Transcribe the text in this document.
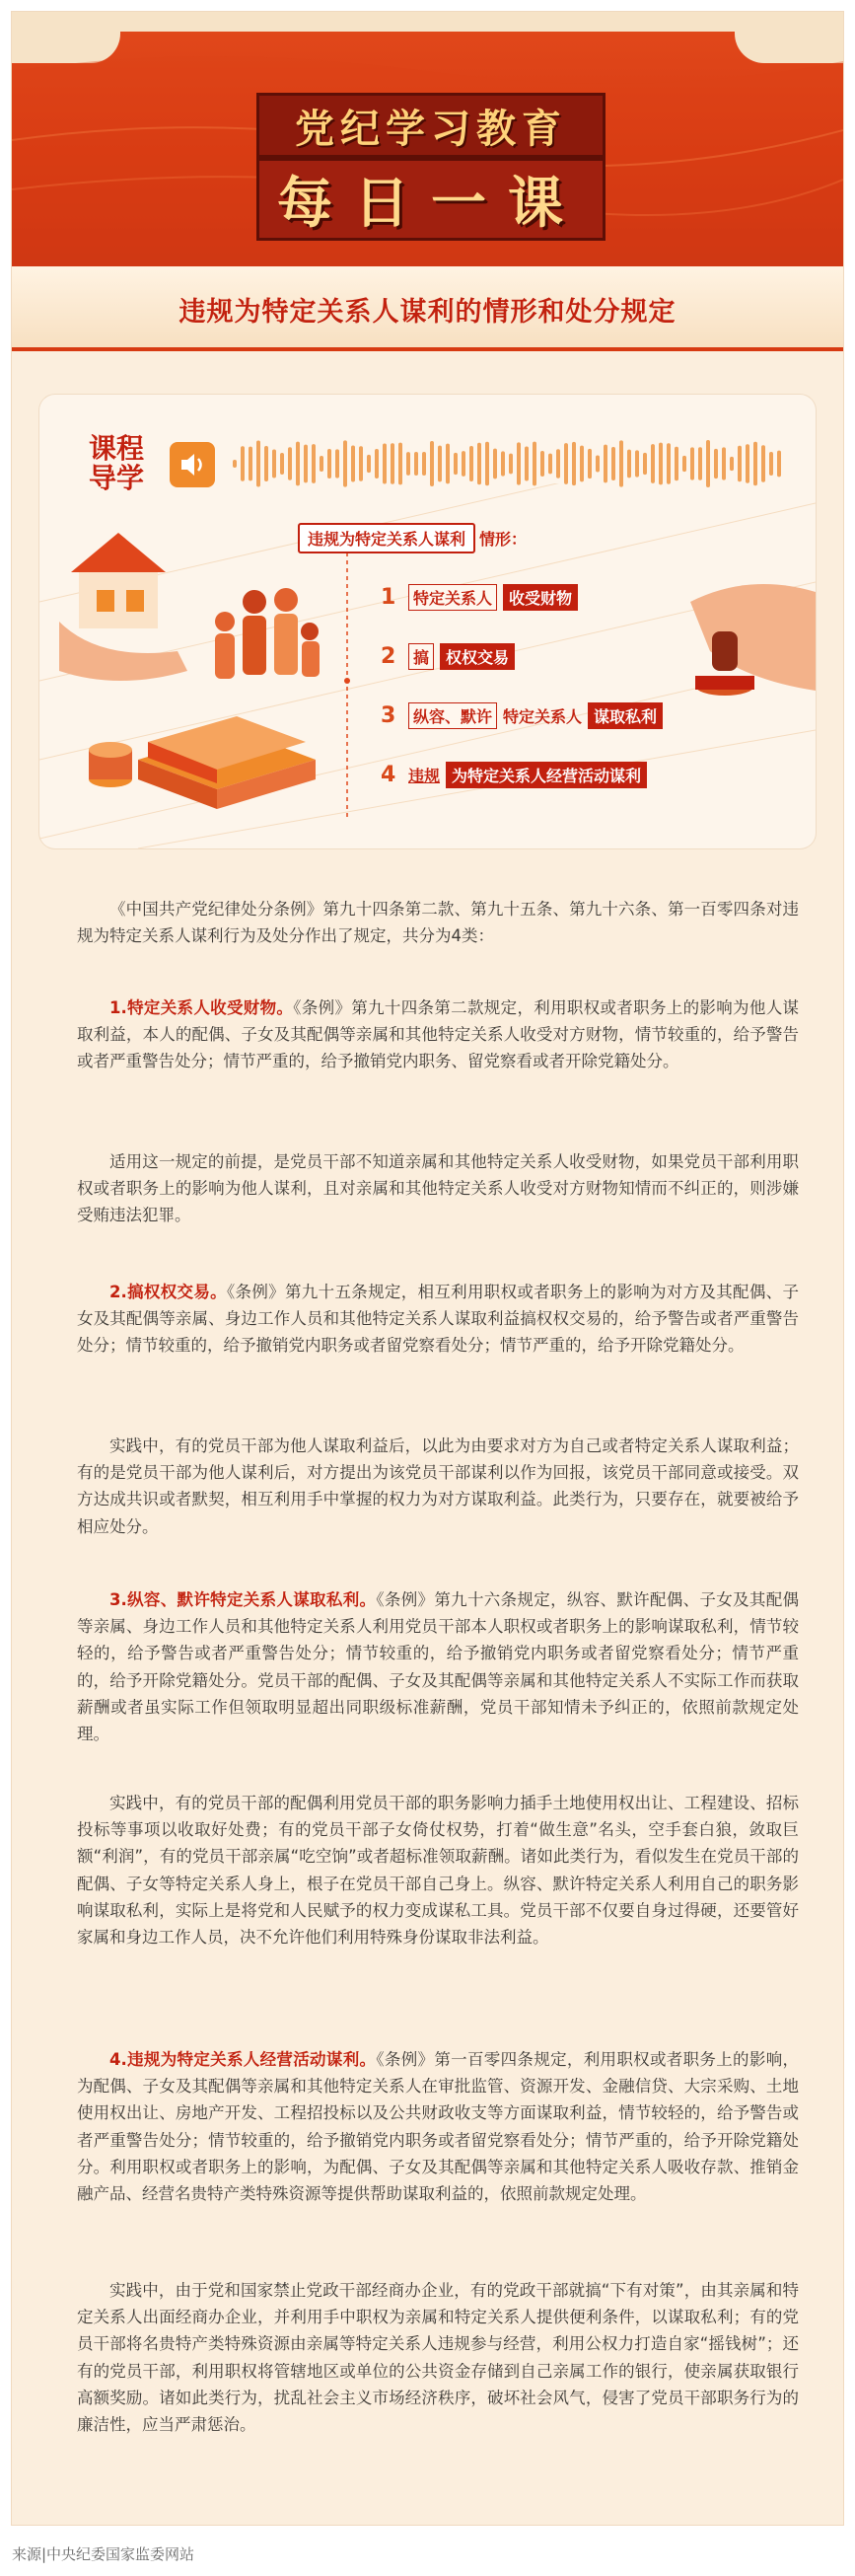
党纪学习教育
每日一课
违规为特定关系人谋利的情形和处分规定
课程导学
违规为特定关系人谋利 情形：
1	特定关系人	收受财物
2	搞	权权交易
3	纵容、默许 特定关系人 谋取私利
4 违规 为特定关系人经营活动谋利

《中国共产党纪律处分条例》第九十四条第二款、第九十五条、第九十六条、第一百零四条对违规为特定关系人谋利行为及处分作出了规定，共分为4类：

1.特定关系人收受财物。《条例》第九十四条第二款规定，利用职权或者职务上的影响为他人谋取利益，本人的配偶、子女及其配偶等亲属和其他特定关系人收受对方财物，情节较重的，给予警告或者严重警告处分；情节严重的，给予撤销党内职务、留党察看或者开除党籍处分。

适用这一规定的前提，是党员干部不知道亲属和其他特定关系人收受财物，如果党员干部利用职权或者职务上的影响为他人谋利，且对亲属和其他特定关系人收受对方财物知情而不纠正的，则涉嫌受贿违法犯罪。

2.搞权权交易。《条例》第九十五条规定，相互利用职权或者职务上的影响为对方及其配偶、子女及其配偶等亲属、身边工作人员和其他特定关系人谋取利益搞权权交易的，给予警告或者严重警告处分；情节较重的，给予撤销党内职务或者留党察看处分；情节严重的，给予开除党籍处分。

实践中，有的党员干部为他人谋取利益后，以此为由要求对方为自己或者特定关系人谋取利益；有的是党员干部为他人谋利后，对方提出为该党员干部谋利以作为回报，该党员干部同意或接受。双方达成共识或者默契，相互利用手中掌握的权力为对方谋取利益。此类行为，只要存在，就要被给予相应处分。

3.纵容、默许特定关系人谋取私利。《条例》第九十六条规定，纵容、默许配偶、子女及其配偶等亲属、身边工作人员和其他特定关系人利用党员干部本人职权或者职务上的影响谋取私利，情节较轻的，给予警告或者严重警告处分；情节较重的，给予撤销党内职务或者留党察看处分；情节严重的，给予开除党籍处分。党员干部的配偶、子女及其配偶等亲属和其他特定关系人不实际工作而获取薪酬或者虽实际工作但领取明显超出同职级标准薪酬，党员干部知情未予纠正的，依照前款规定处理。

实践中，有的党员干部的配偶利用党员干部的职务影响力插手土地使用权出让、工程建设、招标投标等事项以收取好处费；有的党员干部子女倚仗权势，打着“做生意”名头，空手套白狼，敛取巨额“利润”，有的党员干部亲属“吃空饷”或者超标准领取薪酬。诸如此类行为，看似发生在党员干部的配偶、子女等特定关系人身上，根子在党员干部自己身上。纵容、默许特定关系人利用自己的职务影响谋取私利，实际上是将党和人民赋予的权力变成谋私工具。党员干部不仅要自身过得硬，还要管好家属和身边工作人员，决不允许他们利用特殊身份谋取非法利益。

4.违规为特定关系人经营活动谋利。《条例》第一百零四条规定，利用职权或者职务上的影响，为配偶、子女及其配偶等亲属和其他特定关系人在审批监管、资源开发、金融信贷、大宗采购、土地使用权出让、房地产开发、工程招投标以及公共财政收支等方面谋取利益，情节较轻的，给予警告或者严重警告处分；情节较重的，给予撤销党内职务或者留党察看处分；情节严重的，给予开除党籍处分。利用职权或者职务上的影响，为配偶、子女及其配偶等亲属和其他特定关系人吸收存款、推销金融产品、经营名贵特产类特殊资源等提供帮助谋取利益的，依照前款规定处理。

实践中，由于党和国家禁止党政干部经商办企业，有的党政干部就搞“下有对策”，由其亲属和特定关系人出面经商办企业，并利用手中职权为亲属和特定关系人提供便利条件，以谋取私利；有的党员干部将名贵特产类特殊资源由亲属等特定关系人违规参与经营，利用公权力打造自家“摇钱树”；还有的党员干部，利用职权将管辖地区或单位的公共资金存储到自己亲属工作的银行，使亲属获取银行高额奖励。诸如此类行为，扰乱社会主义市场经济秩序，破坏社会风气，侵害了党员干部职务行为的廉洁性，应当严肃惩治。

来源|中央纪委国家监委网站
